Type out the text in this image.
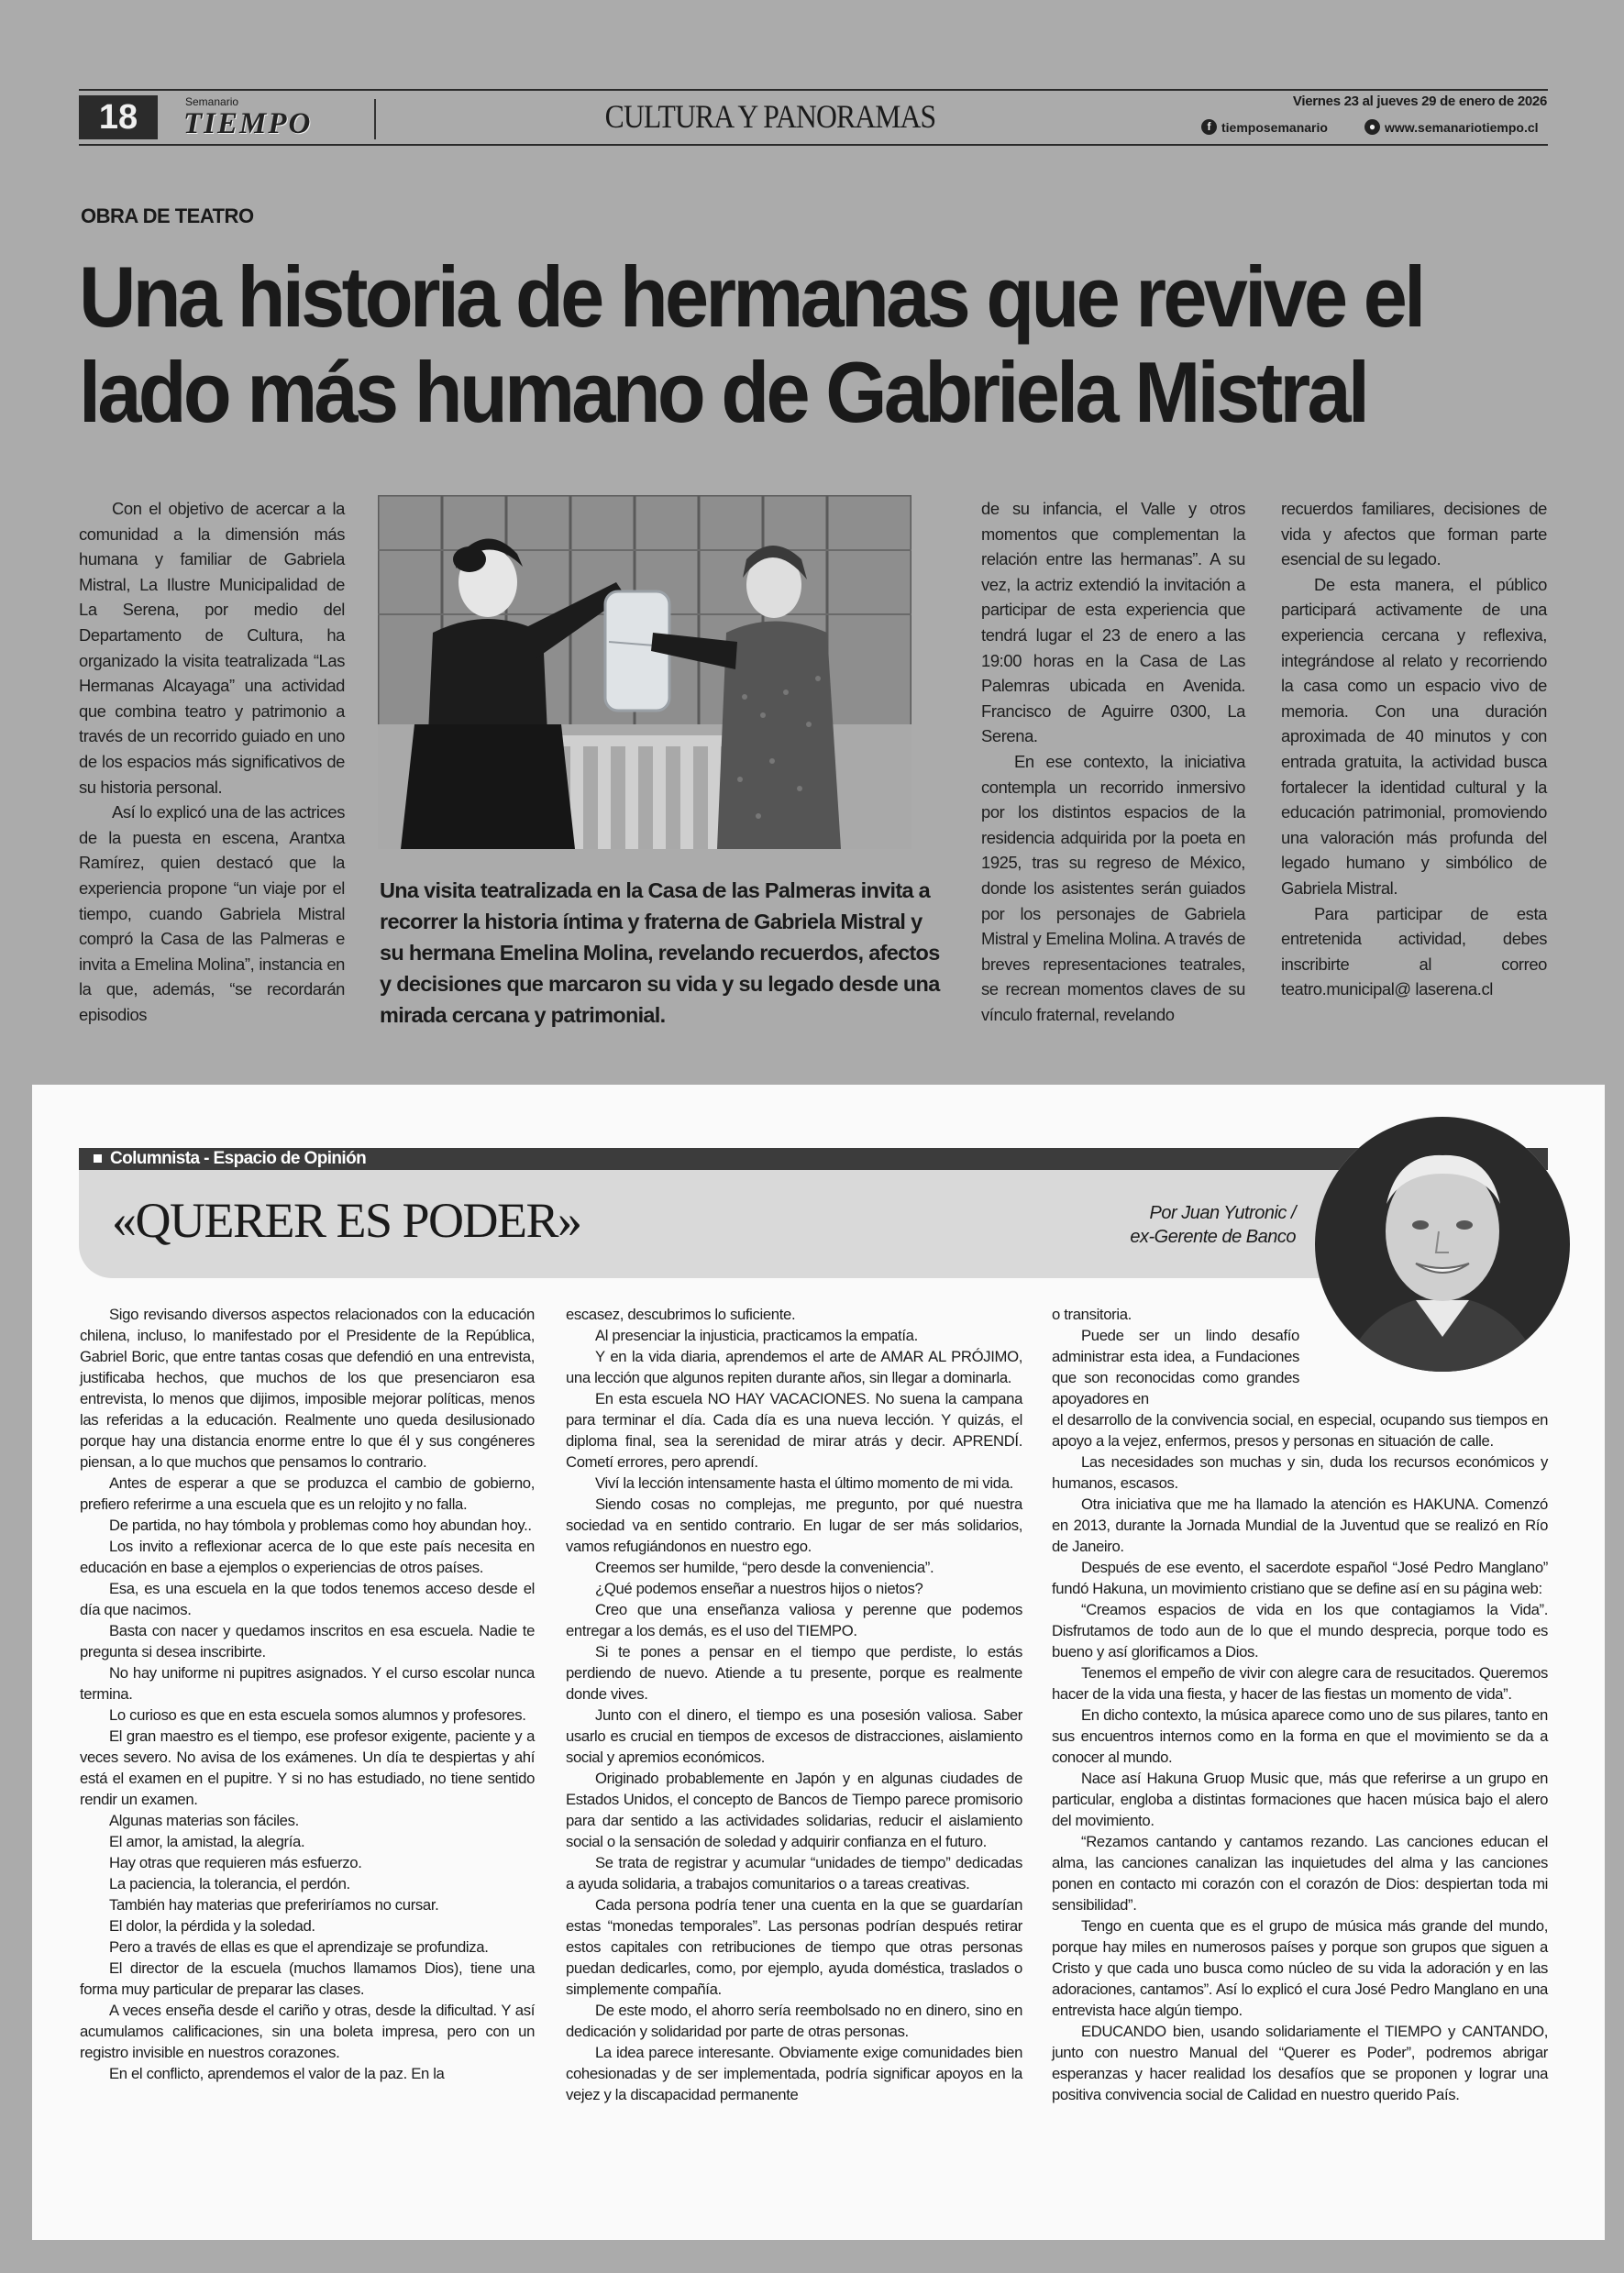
18	Semanario
TIEMPO	CULTURA Y PANORAMAS	Viernes 23 al jueves 29 de enero de 2026
f tiemposemanario	● www.semanariotiempo.cl
OBRA DE TEATRO
Una historia de hermanas que revive el lado más humano de Gabriela Mistral

Con el objetivo de acercar a la comunidad a la dimensión más humana y familiar de Gabriela Mistral, La Ilustre Municipalidad de La Serena, por medio del Departamento de Cultura, ha organizado la visita teatralizada “Las Hermanas Alcayaga” una actividad que combina teatro y patrimonio a través de un recorrido guiado en uno de los espacios más significativos de su historia personal.

Así lo explicó una de las actrices de la puesta en escena, Arantxa Ramírez, quien destacó que la experiencia propone “un viaje por el tiempo, cuando Gabriela Mistral compró la Casa de las Palmeras e invita a Emelina Molina”, instancia en la que, además, “se recordarán episodios

Una visita teatralizada en la Casa de las Palmeras invita a recorrer la historia íntima y fraterna de Gabriela Mistral y su hermana Emelina Molina, revelando recuerdos, afectos y decisiones que marcaron su vida y su legado desde una mirada cercana y patrimonial.

de su infancia, el Valle y otros momentos que complementan la relación entre las hermanas”. A su vez, la actriz extendió la invitación a participar de esta experiencia que tendrá lugar el 23 de enero a las 19:00 horas en la Casa de Las Palemras ubicada en Avenida. Francisco de Aguirre 0300, La Serena.

En ese contexto, la iniciativa contempla un recorrido inmersivo por los distintos espacios de la residencia adquirida por la poeta en 1925, tras su regreso de México, donde los asistentes serán guiados por los personajes de Gabriela Mistral y Emelina Molina. A través de breves representaciones teatrales, se recrean momentos claves de su vínculo fraternal, revelando

recuerdos familiares, decisiones de vida y afectos que forman parte esencial de su legado.

De esta manera, el público participará activamente de una experiencia cercana y reflexiva, integrándose al relato y recorriendo la casa como un espacio vivo de memoria. Con una duración aproximada de 40 minutos y con entrada gratuita, la actividad busca fortalecer la identidad cultural y la educación patrimonial, promoviendo una valoración más profunda del legado humano y simbólico de Gabriela Mistral.

Para participar de esta entretenida actividad, debes inscribirte al correo teatro.municipal@ laserena.cl

Columnista - Espacio de Opinión
«QUERER ES PODER»	Por Juan Yutronic /
ex-Gerente de Banco

Sigo revisando diversos aspectos relacionados con la educación chilena, incluso, lo manifestado por el Presidente de la República, Gabriel Boric, que entre tantas cosas que defendió en una entrevista, justificaba hechos, que muchos de los que presenciaron esa entrevista, lo menos que dijimos, imposible mejorar políticas, menos las referidas a la educación. Realmente uno queda desilusionado porque hay una distancia enorme entre lo que él y sus congéneres piensan, a lo que muchos que pensamos lo contrario.

Antes de esperar a que se produzca el cambio de gobierno, prefiero referirme a una escuela que es un relojito y no falla.

De partida, no hay tómbola y problemas como hoy abundan hoy..

Los invito a reflexionar acerca de lo que este país necesita en educación en base a ejemplos o experiencias de otros países.

Esa, es una escuela en la que todos tenemos acceso desde el día que nacimos.

Basta con nacer y quedamos inscritos en esa escuela. Nadie te pregunta si desea inscribirte.

No hay uniforme ni pupitres asignados. Y el curso escolar nunca termina.

Lo curioso es que en esta escuela somos alumnos y profesores.

El gran maestro es el tiempo, ese profesor exigente, paciente y a veces severo. No avisa de los exámenes. Un día te despiertas y ahí está el examen en el pupitre. Y si no has estudiado, no tiene sentido rendir un examen.

Algunas materias son fáciles.

El amor, la amistad, la alegría.

Hay otras que requieren más esfuerzo.

La paciencia, la tolerancia, el perdón.

También hay materias que preferiríamos no cursar.

El dolor, la pérdida y la soledad.

Pero a través de ellas es que el aprendizaje se profundiza.

El director de la escuela (muchos llamamos Dios), tiene una forma muy particular de preparar las clases.

A veces enseña desde el cariño y otras, desde la dificultad. Y así acumulamos calificaciones, sin una boleta impresa, pero con un registro invisible en nuestros corazones.

En el conflicto, aprendemos el valor de la paz. En la

escasez, descubrimos lo suficiente.

Al presenciar la injusticia, practicamos la empatía.

Y en la vida diaria, aprendemos el arte de AMAR AL PRÓJIMO, una lección que algunos repiten durante años, sin llegar a dominarla.

En esta escuela NO HAY VACACIONES. No suena la campana para terminar el día. Cada día es una nueva lección. Y quizás, el diploma final, sea la serenidad de mirar atrás y decir. APRENDÍ. Cometí errores, pero aprendí.

Viví la lección intensamente hasta el último momento de mi vida.

Siendo cosas no complejas, me pregunto, por qué nuestra sociedad va en sentido contrario. En lugar de ser más solidarios, vamos refugiándonos en nuestro ego.

Creemos ser humilde, “pero desde la conveniencia”.

¿Qué podemos enseñar a nuestros hijos o nietos?

Creo que una enseñanza valiosa y perenne que podemos entregar a los demás, es el uso del TIEMPO.

Si te pones a pensar en el tiempo que perdiste, lo estás perdiendo de nuevo. Atiende a tu presente, porque es realmente donde vives.

Junto con el dinero, el tiempo es una posesión valiosa. Saber usarlo es crucial en tiempos de excesos de distracciones, aislamiento social y apremios económicos.

Originado probablemente en Japón y en algunas ciudades de Estados Unidos, el concepto de Bancos de Tiempo parece promisorio para dar sentido a las actividades solidarias, reducir el aislamiento social o la sensación de soledad y adquirir confianza en el futuro.

Se trata de registrar y acumular “unidades de tiempo” dedicadas a ayuda solidaria, a trabajos comunitarios o a tareas creativas.

Cada persona podría tener una cuenta en la que se guardarían estas “monedas temporales”. Las personas podrían después retirar estos capitales con retribuciones de tiempo que otras personas puedan dedicarles, como, por ejemplo, ayuda doméstica, traslados o simplemente compañía.

De este modo, el ahorro sería reembolsado no en dinero, sino en dedicación y solidaridad por parte de otras personas.

La idea parece interesante. Obviamente exige comunidades bien cohesionadas y de ser implementada, podría significar apoyos en la vejez y la discapacidad permanente

o transitoria.

Puede ser un lindo desafío administrar esta idea, a Fundaciones que son reconocidas como grandes apoyadores en

el desarrollo de la convivencia social, en especial, ocupando sus tiempos en apoyo a la vejez, enfermos, presos y personas en situación de calle.

Las necesidades son muchas y sin, duda los recursos económicos y humanos, escasos.

Otra iniciativa que me ha llamado la atención es HAKUNA. Comenzó en 2013, durante la Jornada Mundial de la Juventud que se realizó en Río de Janeiro.

Después de ese evento, el sacerdote español “José Pedro Manglano” fundó Hakuna, un movimiento cristiano que se define así en su página web:

“Creamos espacios de vida en los que contagiamos la Vida”. Disfrutamos de todo aun de lo que el mundo desprecia, porque todo es bueno y así glorificamos a Dios.

Tenemos el empeño de vivir con alegre cara de resucitados. Queremos hacer de la vida una fiesta, y hacer de las fiestas un momento de vida”.

En dicho contexto, la música aparece como uno de sus pilares, tanto en sus encuentros internos como en la forma en que el movimiento se da a conocer al mundo.

Nace así Hakuna Gruop Music que, más que referirse a un grupo en particular, engloba a distintas formaciones que hacen música bajo el alero del movimiento.

“Rezamos cantando y cantamos rezando. Las canciones educan el alma, las canciones canalizan las inquietudes del alma y las canciones ponen en contacto mi corazón con el corazón de Dios: despiertan toda mi sensibilidad”.

Tengo en cuenta que es el grupo de música más grande del mundo, porque hay miles en numerosos países y porque son grupos que siguen a Cristo y que cada uno busca como núcleo de su vida la adoración y en las adoraciones, cantamos”. Así lo explicó el cura José Pedro Manglano en una entrevista hace algún tiempo.

EDUCANDO bien, usando solidariamente el TIEMPO y CANTANDO, junto con nuestro Manual del “Querer es Poder”, podremos abrigar esperanzas y hacer realidad los desafíos que se proponen y lograr una positiva convivencia social de Calidad en nuestro querido País.
